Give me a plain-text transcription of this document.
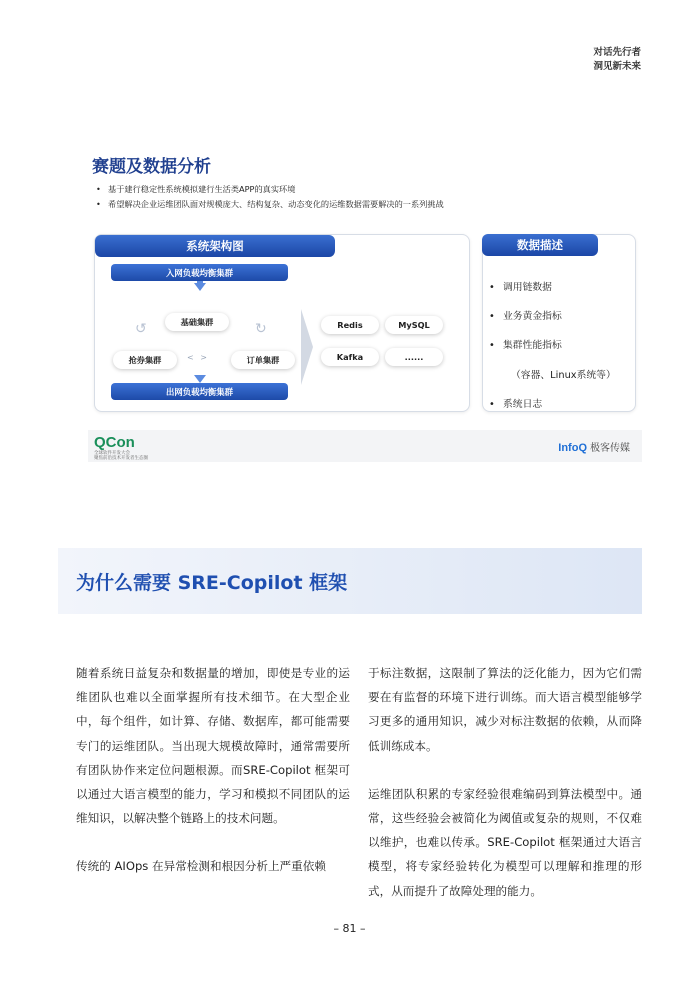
对话先行者
洞见新未来
赛题及数据分析
• 基于建行稳定性系统模拟建行生活类APP的真实环境
• 希望解决企业运维团队面对规模庞大、结构复杂、动态变化的运维数据需要解决的一系列挑战
系统架构图
入网负载均衡集群
↺	↻
基础集群
抢券集群	< >	订单集群
出网负载均衡集群
Redis	MySQL
Kafka	......
数据描述
• 调用链数据
• 业务黄金指标
• 集群性能指标
（容器、Linux系统等）
• 系统日志
QCon
全球软件开发大会
聚焦前沿技术开发者生态圈
InfoQ 极客传媒
为什么需要 SRE-Copilot 框架

随着系统日益复杂和数据量的增加，即使是专业的运维团队也难以全面掌握所有技术细节。在大型企业中，每个组件，如计算、存储、数据库，都可能需要专门的运维团队。当出现大规模故障时，通常需要所有团队协作来定位问题根源。而SRE-Copilot 框架可以通过大语言模型的能力，学习和模拟不同团队的运维知识，以解决整个链路上的技术问题。

传统的 AIOps 在异常检测和根因分析上严重依赖

于标注数据，这限制了算法的泛化能力，因为它们需要在有监督的环境下进行训练。而大语言模型能够学习更多的通用知识，减少对标注数据的依赖，从而降低训练成本。

运维团队积累的专家经验很难编码到算法模型中。通常，这些经验会被简化为阈值或复杂的规则，不仅难以维护，也难以传承。SRE-Copilot 框架通过大语言模型，将专家经验转化为模型可以理解和推理的形式，从而提升了故障处理的能力。

– 81 –
